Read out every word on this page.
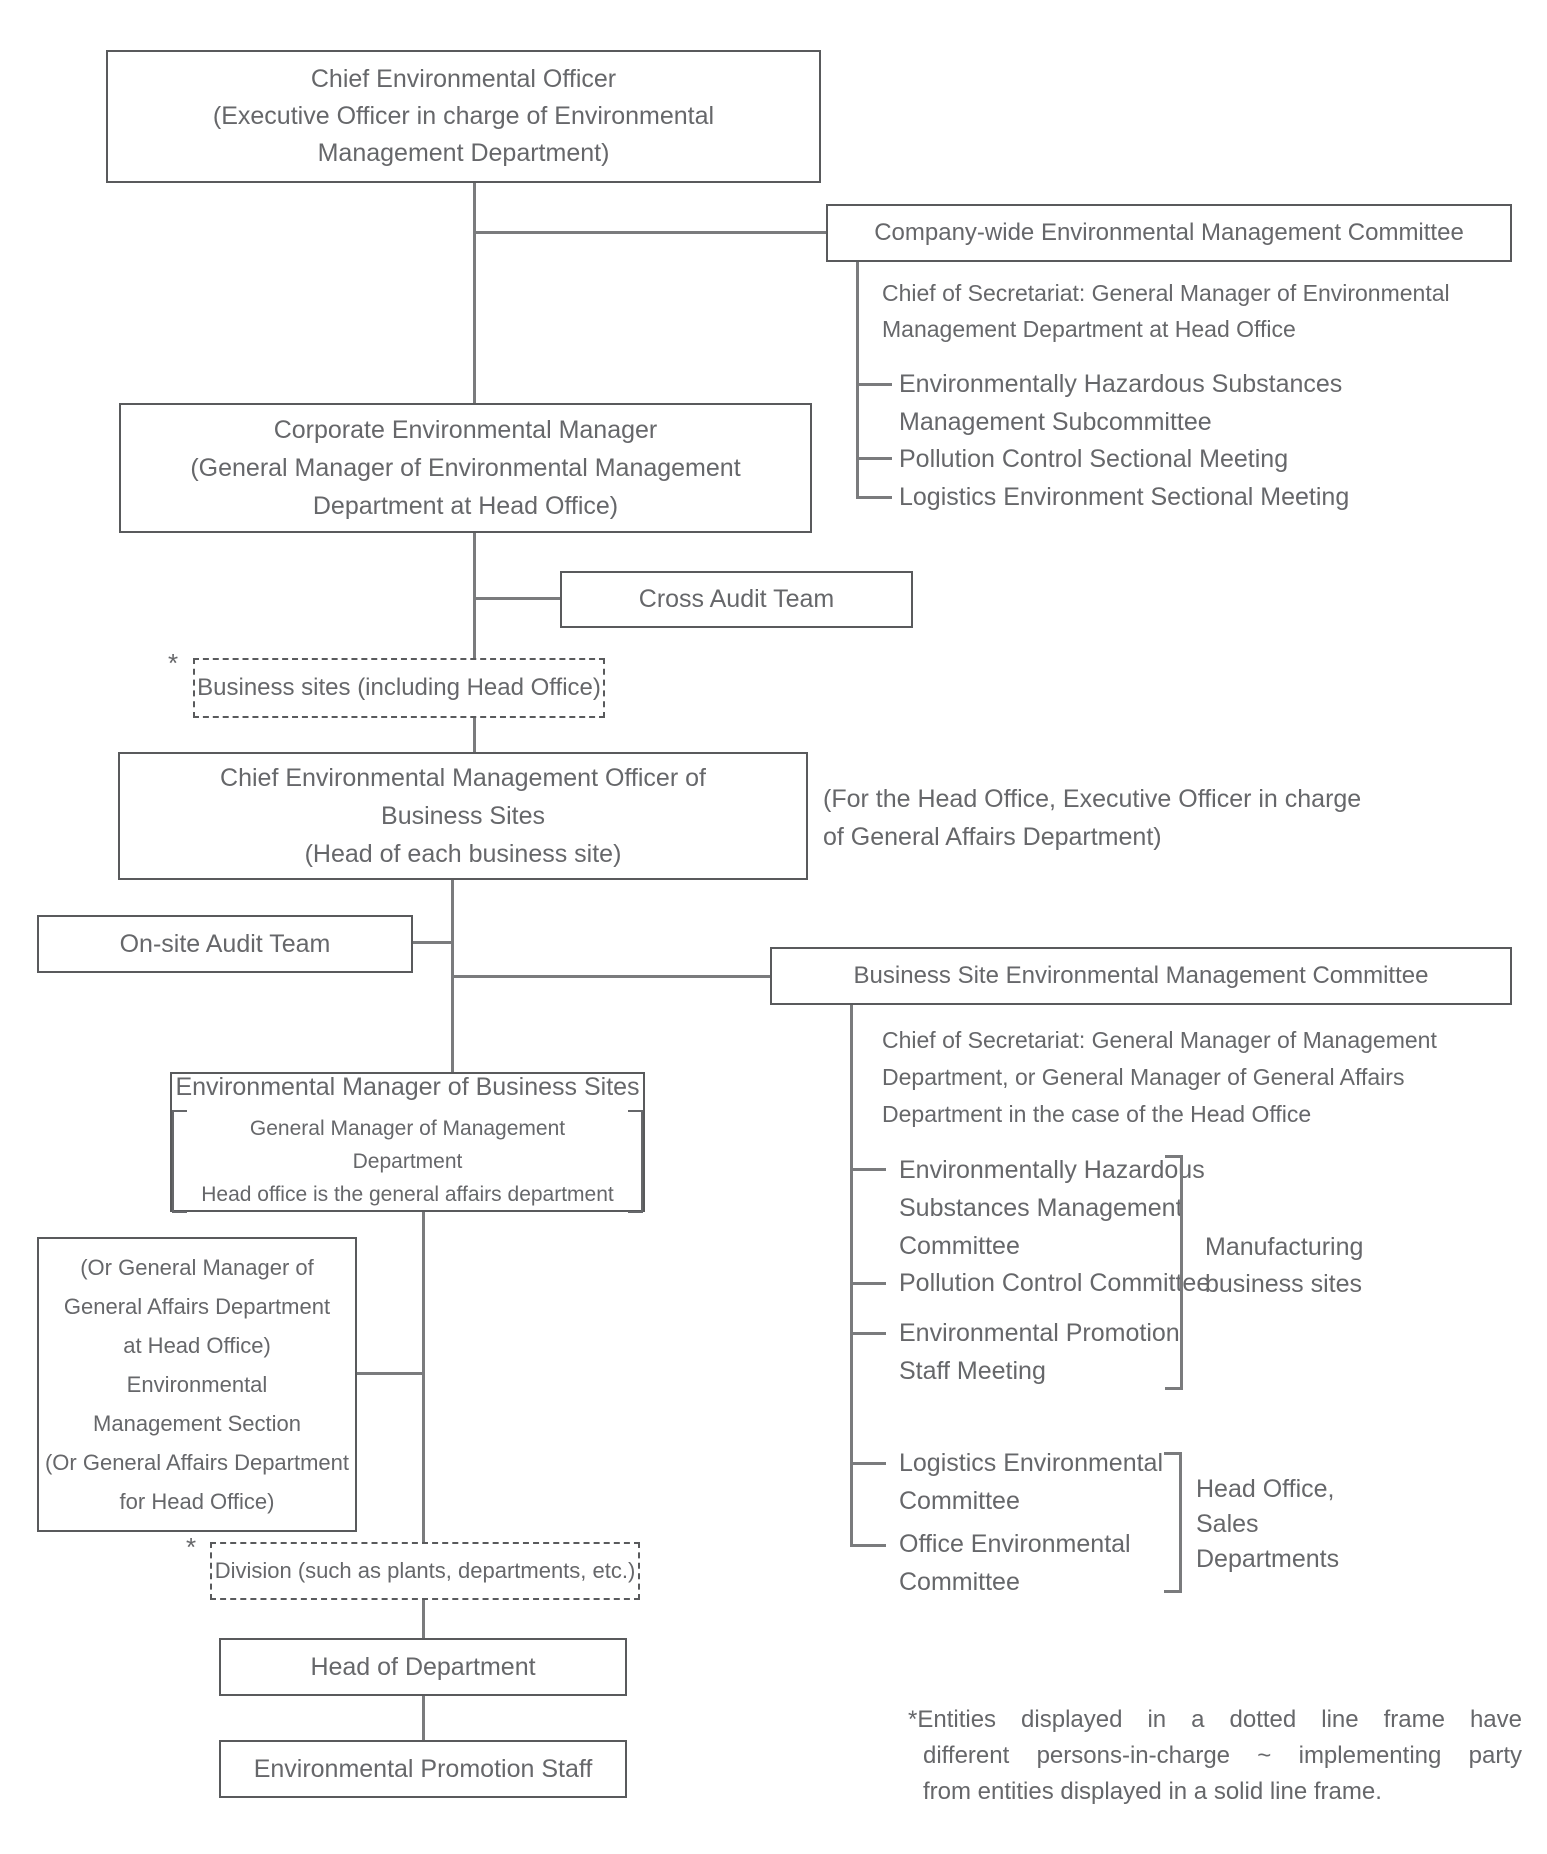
Chief Environmental Officer
(Executive Officer in charge of Environmental
Management Department)
Company-wide Environmental Management Committee
Chief of Secretariat: General Manager of Environmental
Management Department at Head Office
Environmentally Hazardous Substances
Management Subcommittee
Pollution Control Sectional Meeting
Logistics Environment Sectional Meeting
Corporate Environmental Manager
(General Manager of Environmental Management
Department at Head Office)
Cross Audit Team
*
Business sites (including Head Office)
Chief Environmental Management Officer of
Business Sites
(Head of each business site)
(For the Head Office, Executive Officer in charge
of General Affairs Department)
On-site Audit Team
Business Site Environmental Management Committee
Chief of Secretariat: General Manager of Management
Department, or General Manager of General Affairs
Department in the case of the Head Office
Environmentally Hazardous
Substances Management
Committee
Pollution Control Committee
Environmental Promotion
Staff Meeting
Logistics Environmental
Committee
Office Environmental
Committee
Manufacturing
business sites
Head Office,
Sales
Departments
Environmental Manager of Business Sites
General Manager of Management Department
Head office is the general affairs department
(Or General Manager of
General Affairs Department
at Head Office)
Environmental
Management Section
(Or General Affairs Department
for Head Office)
*
Division (such as plants, departments, etc.)
Head of Department
Environmental Promotion Staff
*Entities displayed in a dotted line frame have
different persons-in-charge ~ implementing party
from entities displayed in a solid line frame.
